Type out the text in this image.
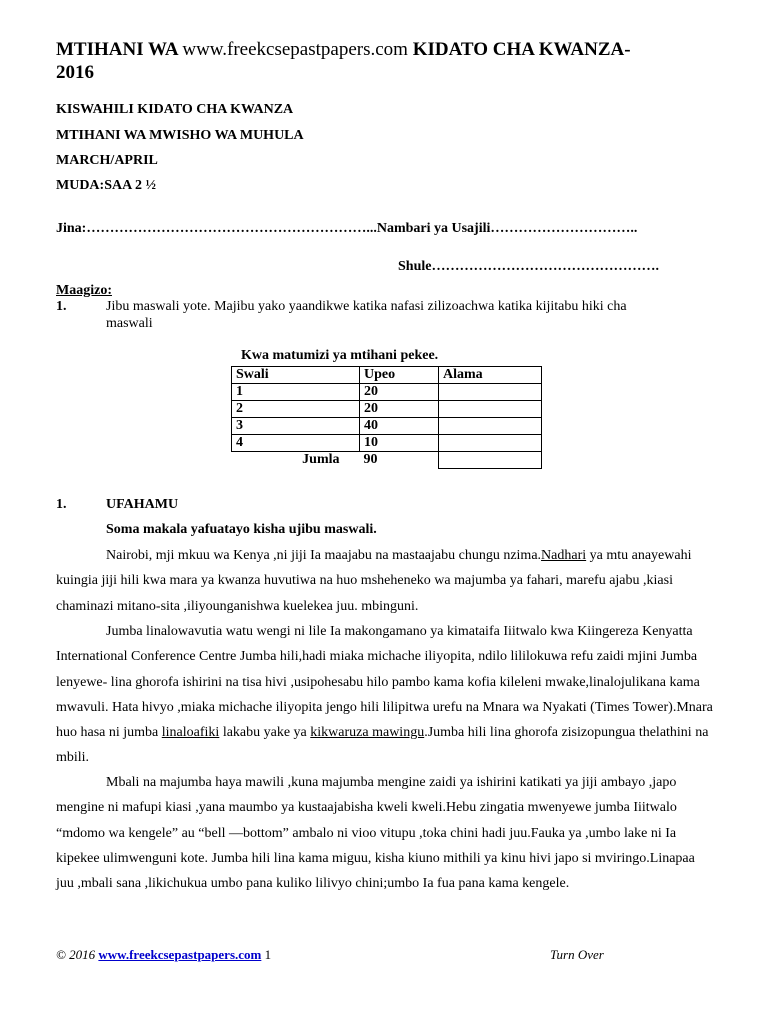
MTIHANI WA www.freekcsepastpapers.com KIDATO CHA KWANZA-
2016
KISWAHILI KIDATO CHA KWANZA
MTIHANI WA MWISHO WA MUHULA
MARCH/APRIL
MUDA:SAA 2 ½
Jina:……………………………………………………...Nambari ya Usajili…………………………..
Shule………………………………………….
Maagizo:
1.	Jibu maswali yote. Majibu yako yaandikwe katika nafasi zilizoachwa katika kijitabu hiki cha
maswali
Kwa matumizi ya mtihani pekee.
Swali	Upeo	Alama
1	20	
2	20	
3	40	
4	10	
Jumla	90	
1.	UFAHAMU
Soma makala yafuatayo kisha ujibu maswali.
Nairobi, mji mkuu wa Kenya ,ni jiji Ia maajabu na mastaajabu chungu nzima.Nadhari ya mtu anayewahi kuingia jiji hili kwa mara ya kwanza huvutiwa na huo msheheneko wa majumba ya fahari, marefu ajabu ,kiasi chaminazi mitano-sita ,iliyounganishwa kuelekea juu. mbinguni.
Jumba linalowavutia watu wengi ni lile Ia makongamano ya kimataifa Iiitwalo kwa Kiingereza Kenyatta International Conference Centre Jumba hili,hadi miaka michache iliyopita, ndilo lililokuwa refu zaidi mjini Jumba lenyewe- lina ghorofa ishirini na tisa hivi ,usipohesabu hilo pambo kama kofia kileleni mwake,linalojulikana kama mwavuli. Hata hivyo ,miaka michache iliyopita jengo hili lilipitwa urefu na Mnara wa Nyakati (Times Tower).Mnara huo hasa ni jumba linaloafiki lakabu yake ya kikwaruza mawingu.Jumba hili lina ghorofa zisizopungua thelathini na mbili.
Mbali na majumba haya mawili ,kuna majumba mengine zaidi ya ishirini katikati ya jiji ambayo ,japo mengine ni mafupi kiasi ,yana maumbo ya kustaajabisha kweli kweli.Hebu zingatia mwenyewe jumba Iiitwalo “mdomo wa kengele” au “bell —bottom” ambalo ni vioo vitupu ,toka chini hadi juu.Fauka ya ,umbo lake ni Ia kipekee ulimwenguni kote. Jumba hili lina kama miguu, kisha kiuno mithili ya kinu hivi japo si mviringo.Linapaa juu ,mbali sana ,likichukua umbo pana kuliko lilivyo chini;umbo Ia fua pana kama kengele.
© 2016 www.freekcsepastpapers.com 1	Turn Over
